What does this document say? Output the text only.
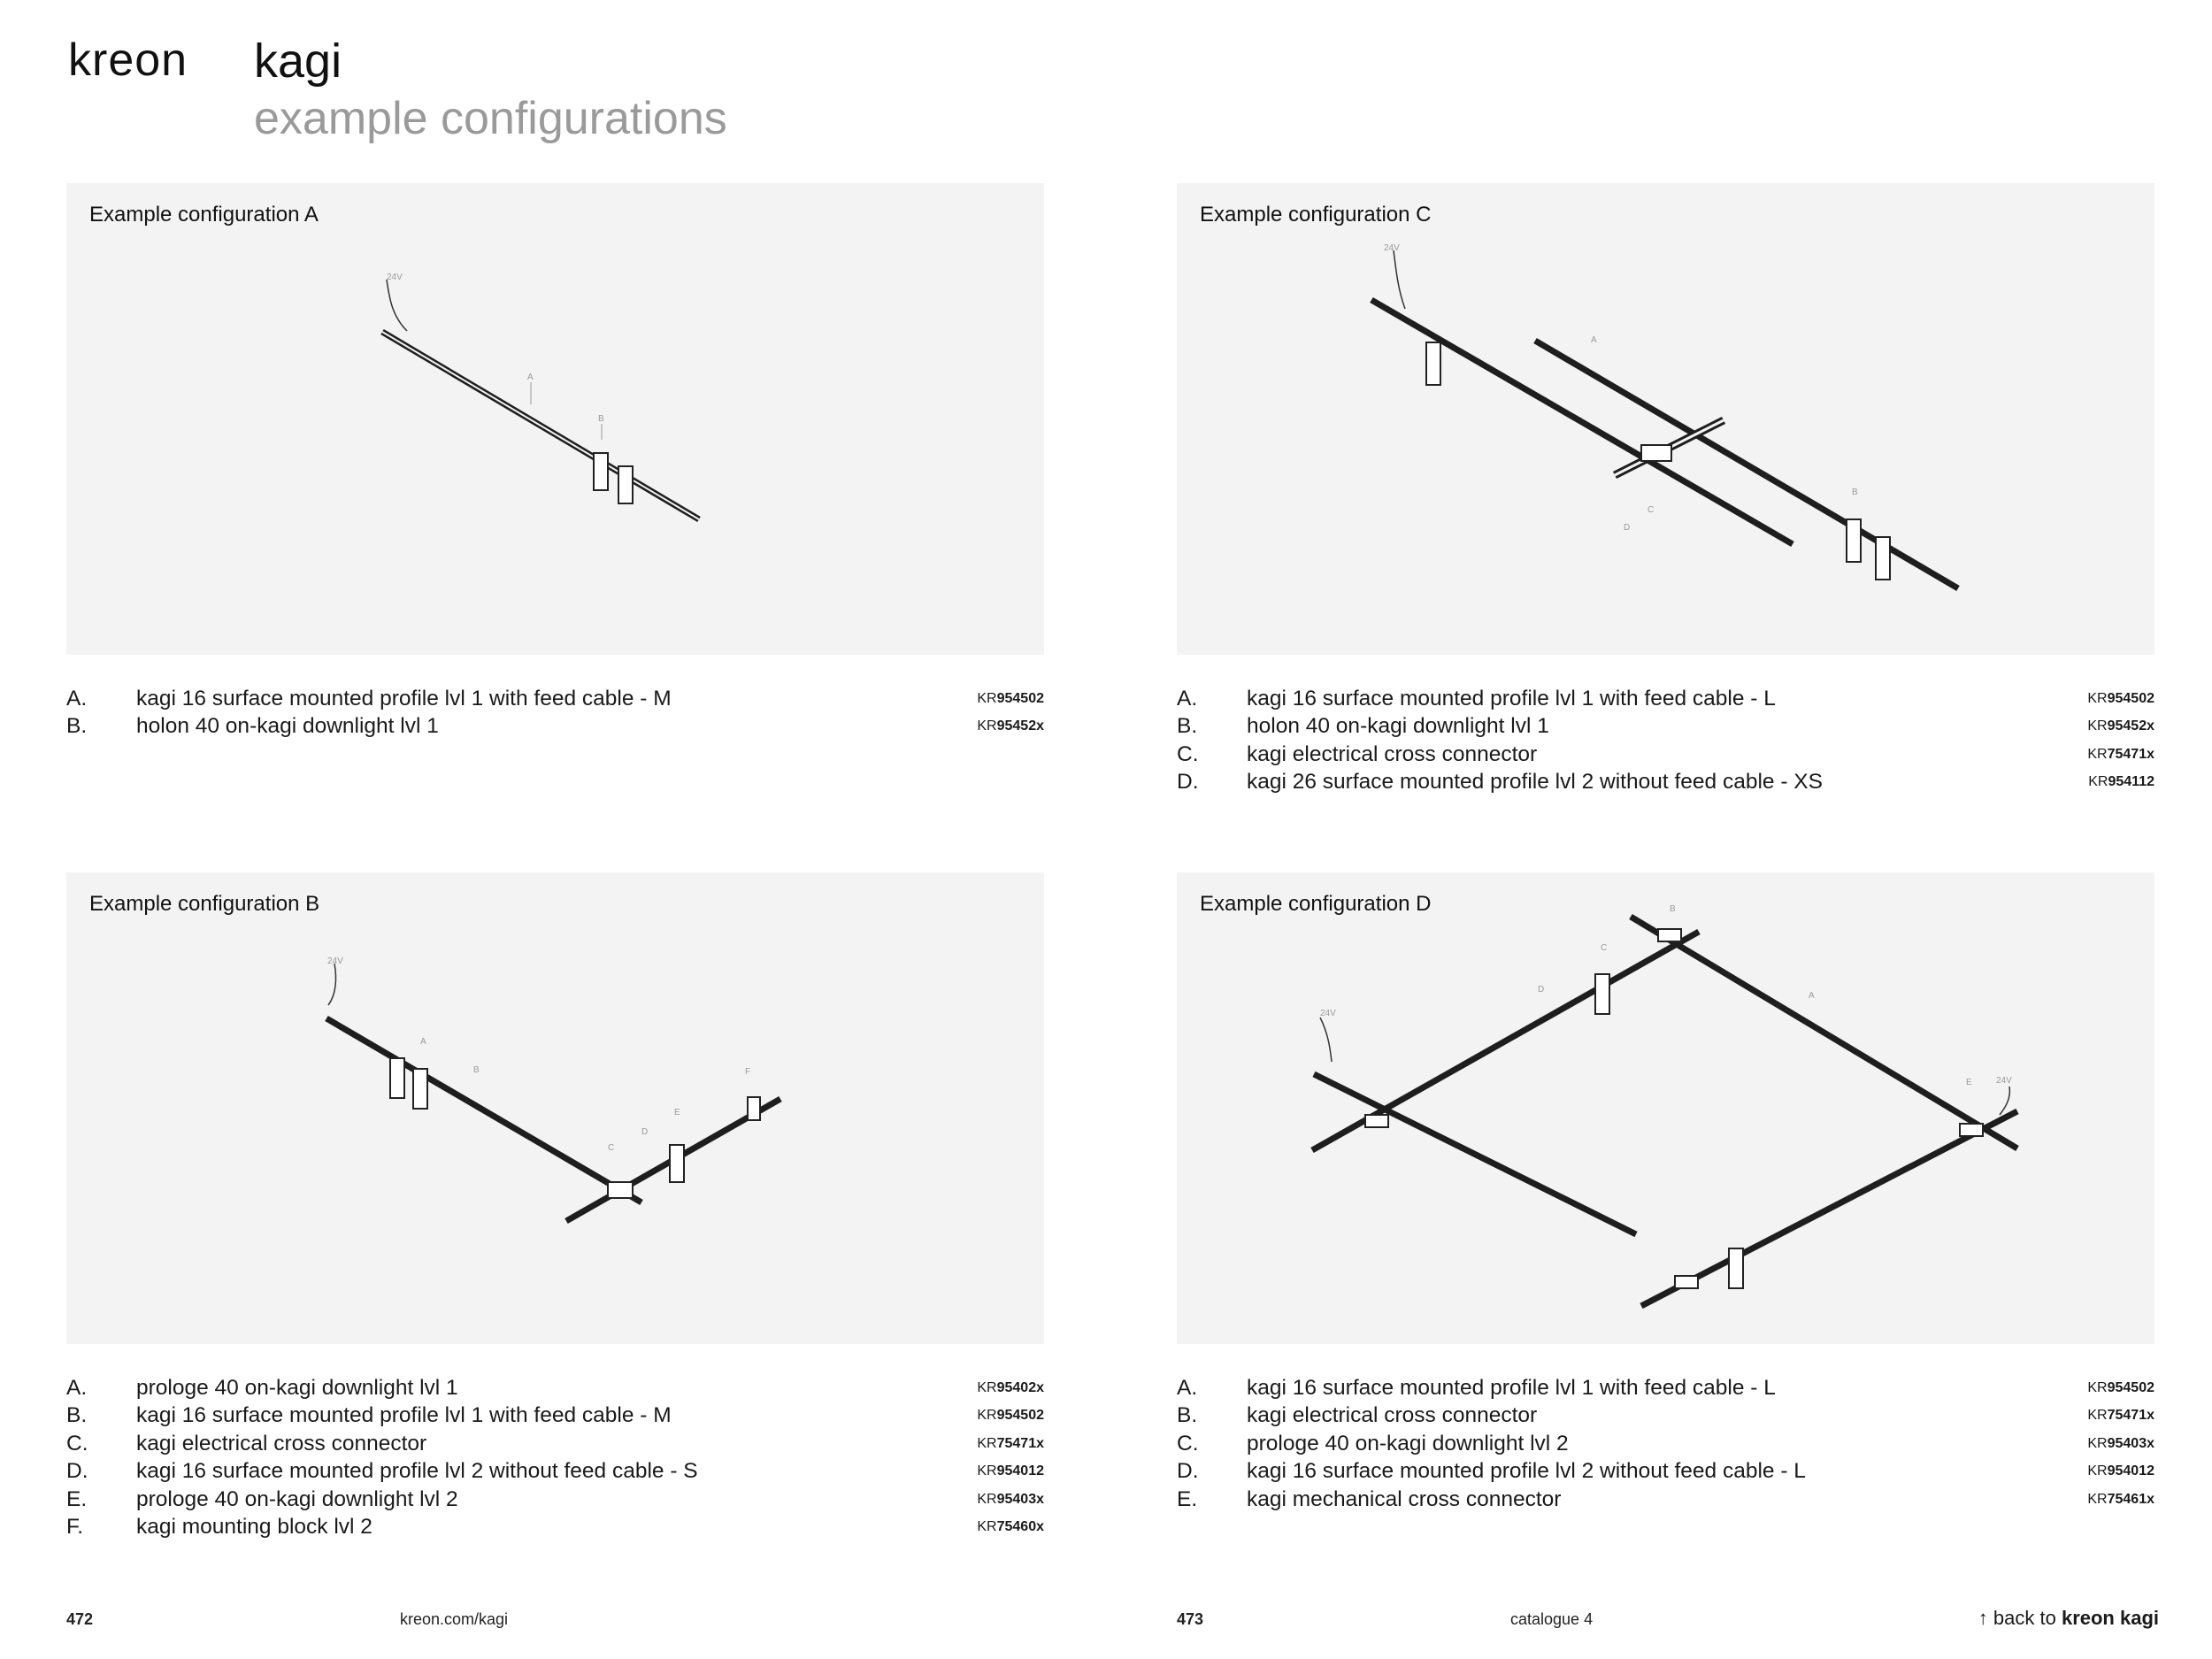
kreon kagi
example configurations
Example configuration A
24V
A
B
Example configuration C
24V
A
B
C
D
Example configuration B
24V
A
B
C
D
E
F
Example configuration D
24V
24V
A
B
C
D
E
A. kagi 16 surface mounted profile lvl 1 with feed cable - M	KR954502
B. holon 40 on-kagi downlight lvl 1	KR95452x
A. kagi 16 surface mounted profile lvl 1 with feed cable - L	KR954502
B. holon 40 on-kagi downlight lvl 1	KR95452x
C. kagi electrical cross connector	KR75471x
D. kagi 26 surface mounted profile lvl 2 without feed cable - XS	KR954112
A. prologe 40 on-kagi downlight lvl 1	KR95402x
B. kagi 16 surface mounted profile lvl 1 with feed cable - M	KR954502
C. kagi electrical cross connector	KR75471x
D. kagi 16 surface mounted profile lvl 2 without feed cable - S	KR954012
E. prologe 40 on-kagi downlight lvl 2	KR95403x
F. kagi mounting block lvl 2	KR75460x
A. kagi 16 surface mounted profile lvl 1 with feed cable - L	KR954502
B. kagi electrical cross connector	KR75471x
C. prologe 40 on-kagi downlight lvl 2	KR95403x
D. kagi 16 surface mounted profile lvl 2 without feed cable - L	KR954012
E. kagi mechanical cross connector	KR75461x
472	kreon.com/kagi	473	catalogue 4	↑ back to kreon kagi
